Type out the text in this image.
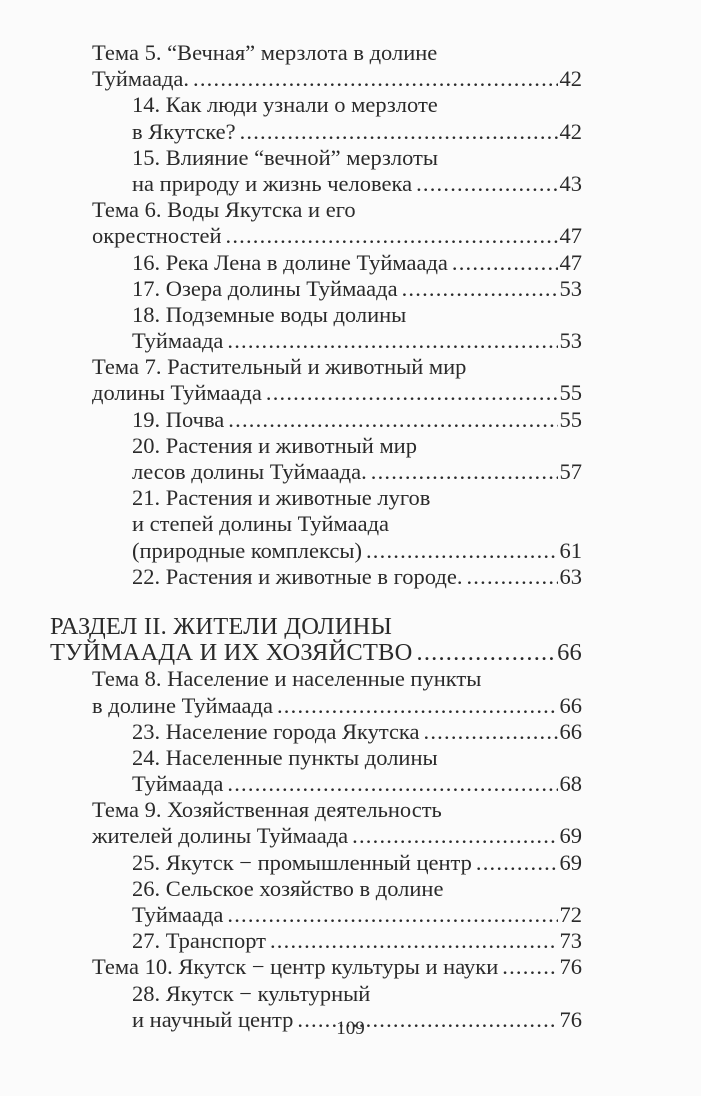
Тема 5. “Вечная” мерзлота в долине
Туймаада. .....	42
14. Как люди узнали о мерзлоте
в Якутске? .....	42
15. Влияние “вечной” мерзлоты
на природу и жизнь человека .....	43
Тема 6. Воды Якутска и его
окрестностей .....	47
16. Река Лена в долине Туймаада .....	47
17. Озера долины Туймаада .....	53
18. Подземные воды долины
Туймаада .....	53
Тема 7. Растительный и животный мир
долины Туймаада .....	55
19. Почва .....	55
20. Растения и животный мир
лесов долины Туймаада. .....	57
21. Растения и животные лугов
и степей долины Туймаада
(природные комплексы) .....	61
22. Растения и животные в городе. .....	63
РАЗДЕЛ II. ЖИТЕЛИ ДОЛИНЫ
ТУЙМААДА И ИХ ХОЗЯЙСТВО .....	66
Тема 8. Население и населенные пункты
в долине Туймаада .....	66
23. Население города Якутска .....	66
24. Населенные пункты долины
Туймаада .....	68
Тема 9. Хозяйственная деятельность
жителей долины Туймаада .....	69
25. Якутск − промышленный центр .....	69
26. Сельское хозяйство в долине
Туймаада .....	72
27. Транспорт .....	73
Тема 10. Якутск − центр культуры и науки .....	76
28. Якутск − культурный
и научный центр .....	76
109
